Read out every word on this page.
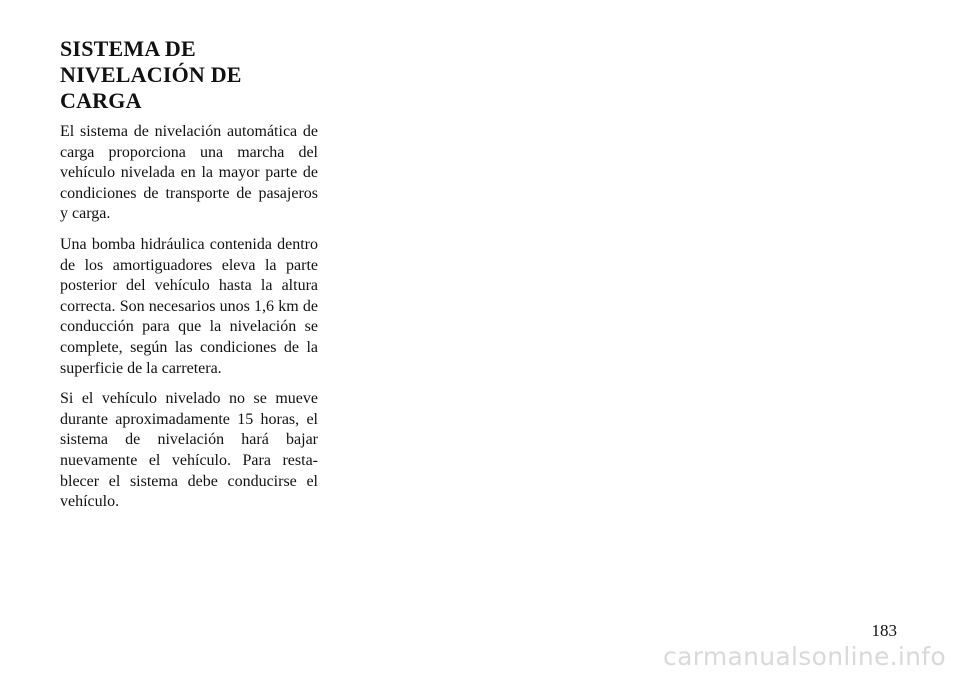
SISTEMA DE
NIVELACIÓN DE CARGA

El sistema de nivelación automática de carga proporciona una marcha del vehículo nivelada en la mayor parte de condiciones de transporte de pasajeros y carga.

Una bomba hidráulica contenida dentro de los amortiguadores eleva la parte posterior del vehículo hasta la altura correcta. Son necesarios unos 1,6 km de conducción para que la nivelación se complete, según las condiciones de la superficie de la carretera.

Si el vehículo nivelado no se mueve durante aproximadamente 15 horas, el sistema de nivelación hará bajar nuevamente el vehículo. Para restablecer el sistema debe conducirse el vehículo.

183
carmanualsonline.info
